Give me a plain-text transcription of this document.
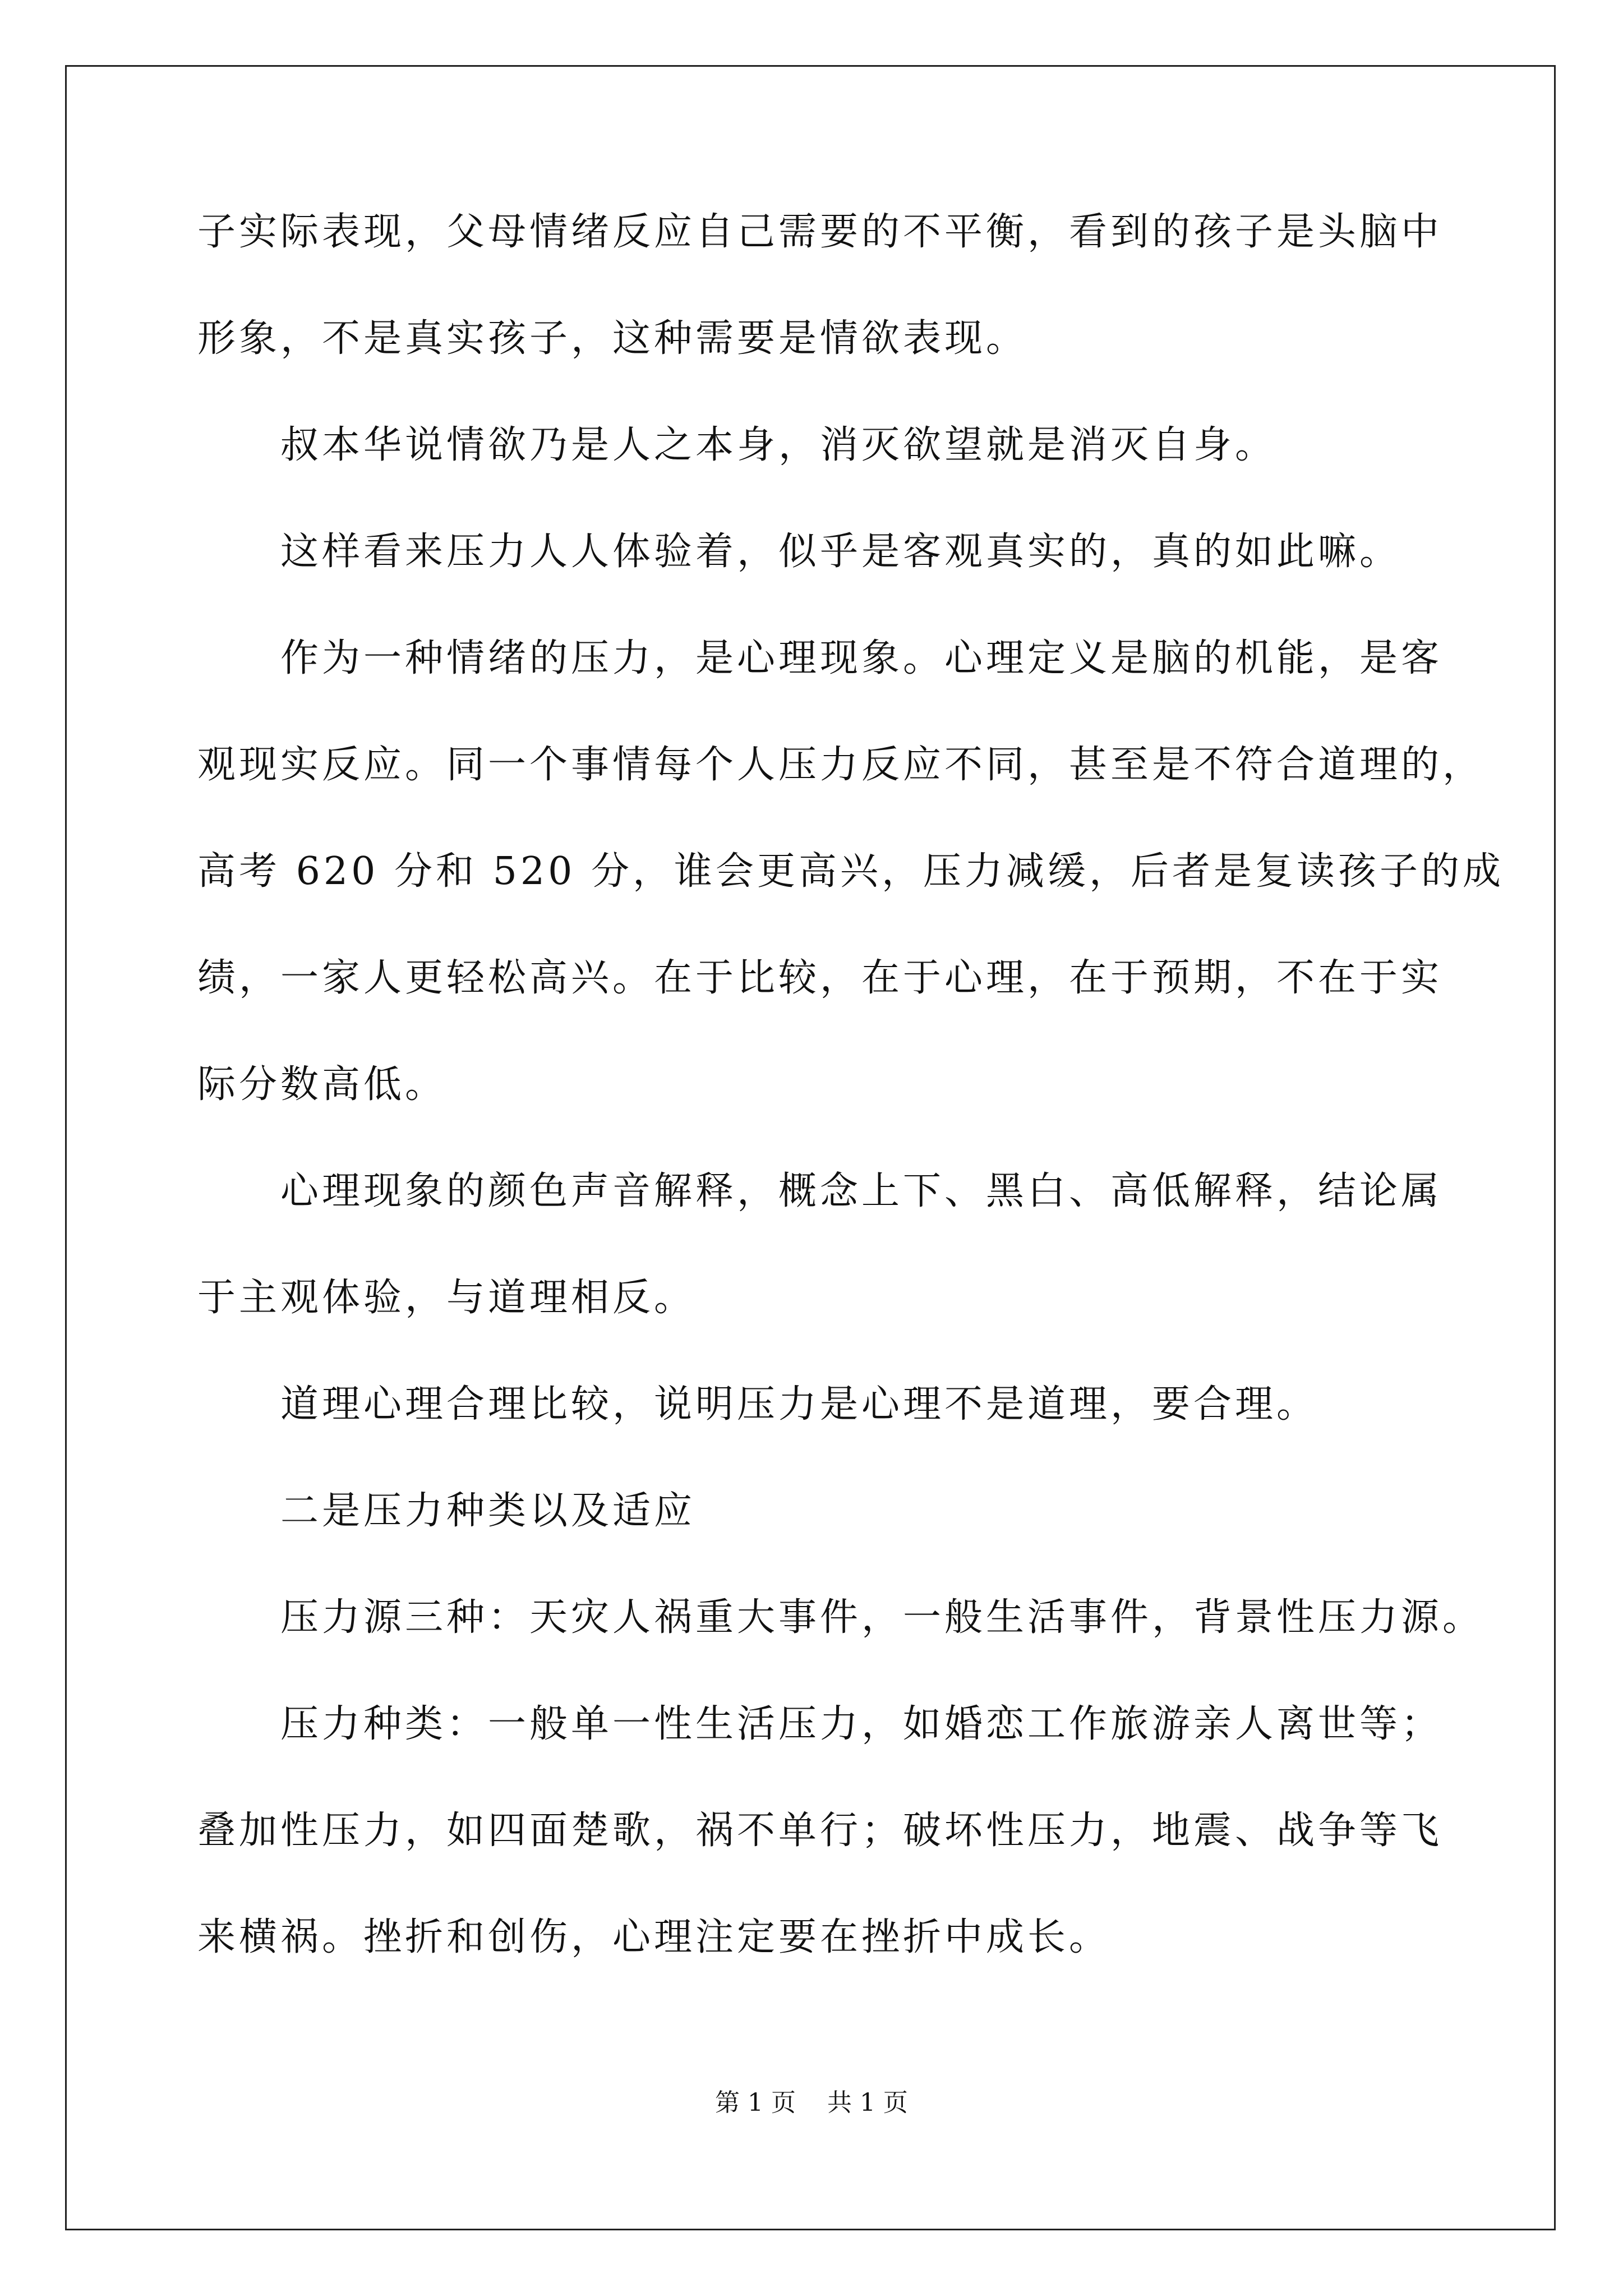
子实际表现，父母情绪反应自己需要的不平衡，看到的孩子是头脑中
形象，不是真实孩子，这种需要是情欲表现。
叔本华说情欲乃是人之本身，消灭欲望就是消灭自身。
这样看来压力人人体验着，似乎是客观真实的，真的如此嘛。
作为一种情绪的压力，是心理现象。心理定义是脑的机能，是客
观现实反应。同一个事情每个人压力反应不同，甚至是不符合道理的，
高考 620 分和 520 分，谁会更高兴，压力减缓，后者是复读孩子的成
绩，一家人更轻松高兴。在于比较，在于心理，在于预期，不在于实
际分数高低。
心理现象的颜色声音解释，概念上下、黑白、高低解释，结论属
于主观体验，与道理相反。
道理心理合理比较，说明压力是心理不是道理，要合理。
二是压力种类以及适应
压力源三种：天灾人祸重大事件，一般生活事件，背景性压力源。
压力种类：一般单一性生活压力，如婚恋工作旅游亲人离世等；
叠加性压力，如四面楚歌，祸不单行；破坏性压力，地震、战争等飞
来横祸。挫折和创伤，心理注定要在挫折中成长。
第 1 页 共 1 页
